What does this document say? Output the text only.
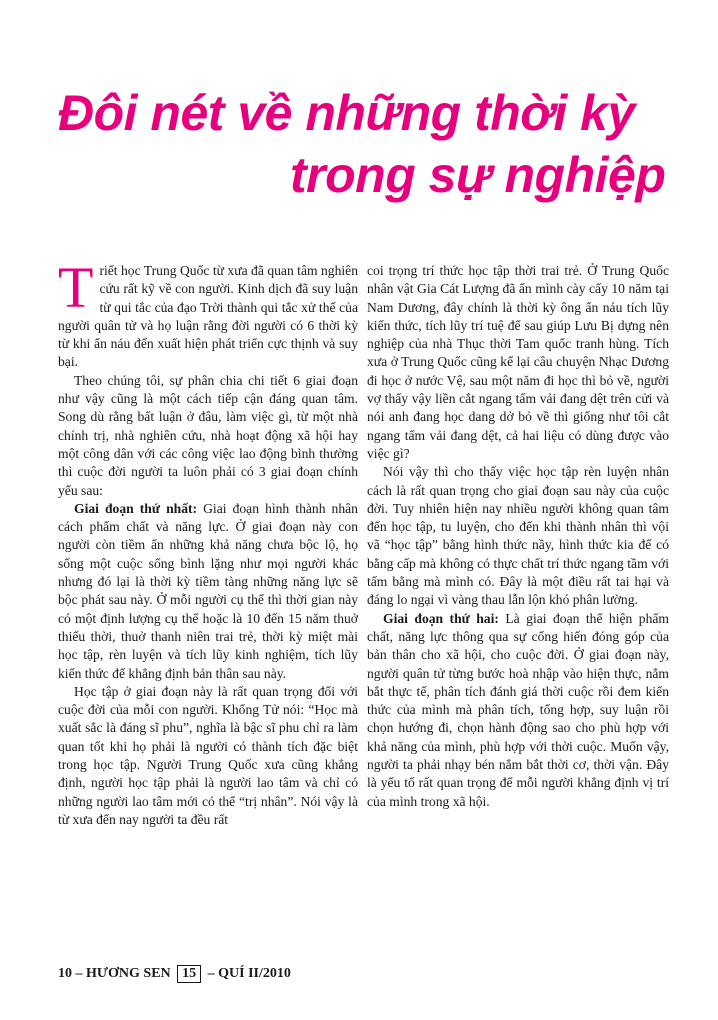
Đôi nét về những thời kỳ
trong sự nghiệp

Triết học Trung Quốc từ xưa đã quan tâm nghiên cứu rất kỹ về con người. Kinh dịch đã suy luận từ qui tắc của đạo Trời thành qui tắc xử thế của người quân tử và họ luận rằng đời người có 6 thời kỳ từ khi ẩn náu đến xuất hiện phát triển cực thịnh và suy bại.

Theo chúng tôi, sự phân chia chi tiết 6 giai đoạn như vậy cũng là một cách tiếp cận đáng quan tâm. Song dù rằng bất luận ở đâu, làm việc gì, từ một nhà chính trị, nhà nghiên cứu, nhà hoạt động xã hội hay một công dân với các công việc lao động bình thường thì cuộc đời người ta luôn phải có 3 giai đoạn chính yếu sau:

Giai đoạn thứ nhất: Giai đoạn hình thành nhân cách phẩm chất và năng lực. Ở giai đoạn này con người còn tiềm ẩn những khả năng chưa bộc lộ, họ sống một cuộc sống bình lặng như mọi người khác nhưng đó lại là thời kỳ tiềm tàng những năng lực sẽ bộc phát sau này. Ở mỗi người cụ thể thì thời gian này có một định lượng cụ thể hoặc là 10 đến 15 năm thuở thiếu thời, thuở thanh niên trai trẻ, thời kỳ miệt mài học tập, rèn luyện và tích lũy kinh nghiệm, tích lũy kiến thức để khẳng định bản thân sau này.

Học tập ở giai đoạn này là rất quan trọng đối với cuộc đời của mỗi con người. Khổng Tử nói: “Học mà xuất sắc là đáng sĩ phu”, nghĩa là bậc sĩ phu chỉ ra làm quan tốt khi họ phải là người có thành tích đặc biệt trong học tập. Người Trung Quốc xưa cũng khẳng định, người học tập phải là người lao tâm và chỉ có những người lao tâm mới có thể “trị nhân”. Nói vậy là từ xưa đến nay người ta đều rất

coi trọng trí thức học tập thời trai trẻ. Ở Trung Quốc nhân vật Gia Cát Lượng đã ẩn mình cày cấy 10 năm tại Nam Dương, đây chính là thời kỳ ông ẩn náu tích lũy kiến thức, tích lũy trí tuệ để sau giúp Lưu Bị dựng nên nghiệp của nhà Thục thời Tam quốc tranh hùng. Tích xưa ở Trung Quốc cũng kể lại câu chuyện Nhạc Dương đi học ở nước Vệ, sau một năm đi học thì bỏ về, người vợ thấy vậy liền cắt ngang tấm vải đang dệt trên cửi và nói anh đang học dang dở bỏ về thì giống như tôi cắt ngang tấm vải đang dệt, cả hai liệu có dùng được vào việc gì?

Nói vậy thì cho thấy việc học tập rèn luyện nhân cách là rất quan trọng cho giai đoạn sau này của cuộc đời. Tuy nhiên hiện nay nhiều người không quan tâm đến học tập, tu luyện, cho đến khi thành nhân thì vội vã “học tập” bằng hình thức nầy, hình thức kia để có bằng cấp mà không có thực chất trí thức ngang tầm với tấm bằng mà mình có. Đây là một điều rất tai hại và đáng lo ngại vì vàng thau lẫn lộn khó phân lường.

Giai đoạn thứ hai: Là giai đoạn thể hiện phẩm chất, năng lực thông qua sự cống hiến đóng góp của bản thân cho xã hội, cho cuộc đời. Ở giai đoạn này, người quân tử từng bước hoà nhập vào hiện thực, nắm bắt thực tế, phân tích đánh giá thời cuộc rồi đem kiến thức của mình mà phân tích, tổng hợp, suy luận rồi chọn hướng đi, chọn hành động sao cho phù hợp với khả năng của mình, phù hợp với thời cuộc. Muốn vậy, người ta phải nhạy bén nắm bắt thời cơ, thời vận. Đây là yếu tố rất quan trọng để mỗi người khẳng định vị trí của mình trong xã hội.

10 – HƯƠNG SEN 15 – QUÍ II/2010
